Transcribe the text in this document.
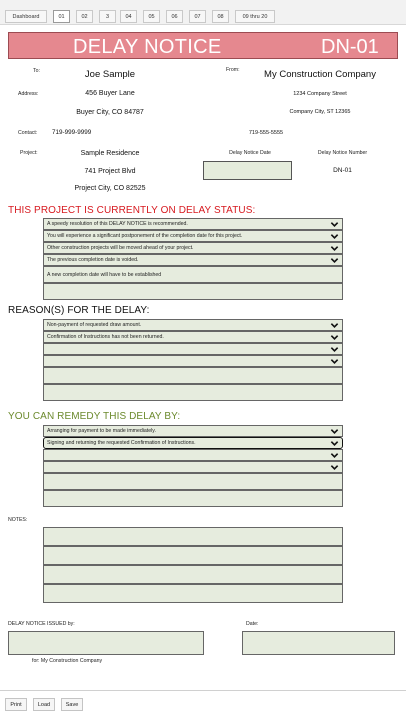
Dashboard	01	02	3	04	05	06	07	08	09 thru 20
DELAY NOTICE	DN-01
To:	Joe Sample	From:	My Construction Company
Address:	456 Buyer Lane	1234 Company Street
Buyer City, CO 84787	Company City, ST 12365
Contact: 719-999-9999	719-555-5555
Project:	Sample Residence	Delay Notice Date	Delay Notice Number
741 Project Blvd	DN-01
Project City, CO 82525
THIS PROJECT IS CURRENTLY ON DELAY STATUS:
A speedy resolution of this DELAY NOTICE is recommended.
You will experience a significant postponement of the completion date for this project.
Other construction projects will be moved ahead of your project.
The previous completion date is voided.
A new completion date will have to be established
REASON(S) FOR THE DELAY:
Non-payment of requested draw amount.
Confirmation of Instructions has not been returned.
YOU CAN REMEDY THIS DELAY BY:
Arranging for payment to be made immediately.
Signing and returning the requested Confirmation of Instructions.
NOTES:
DELAY NOTICE ISSUED by:	Date:
for: My Construction Company
Print	Load	Save
